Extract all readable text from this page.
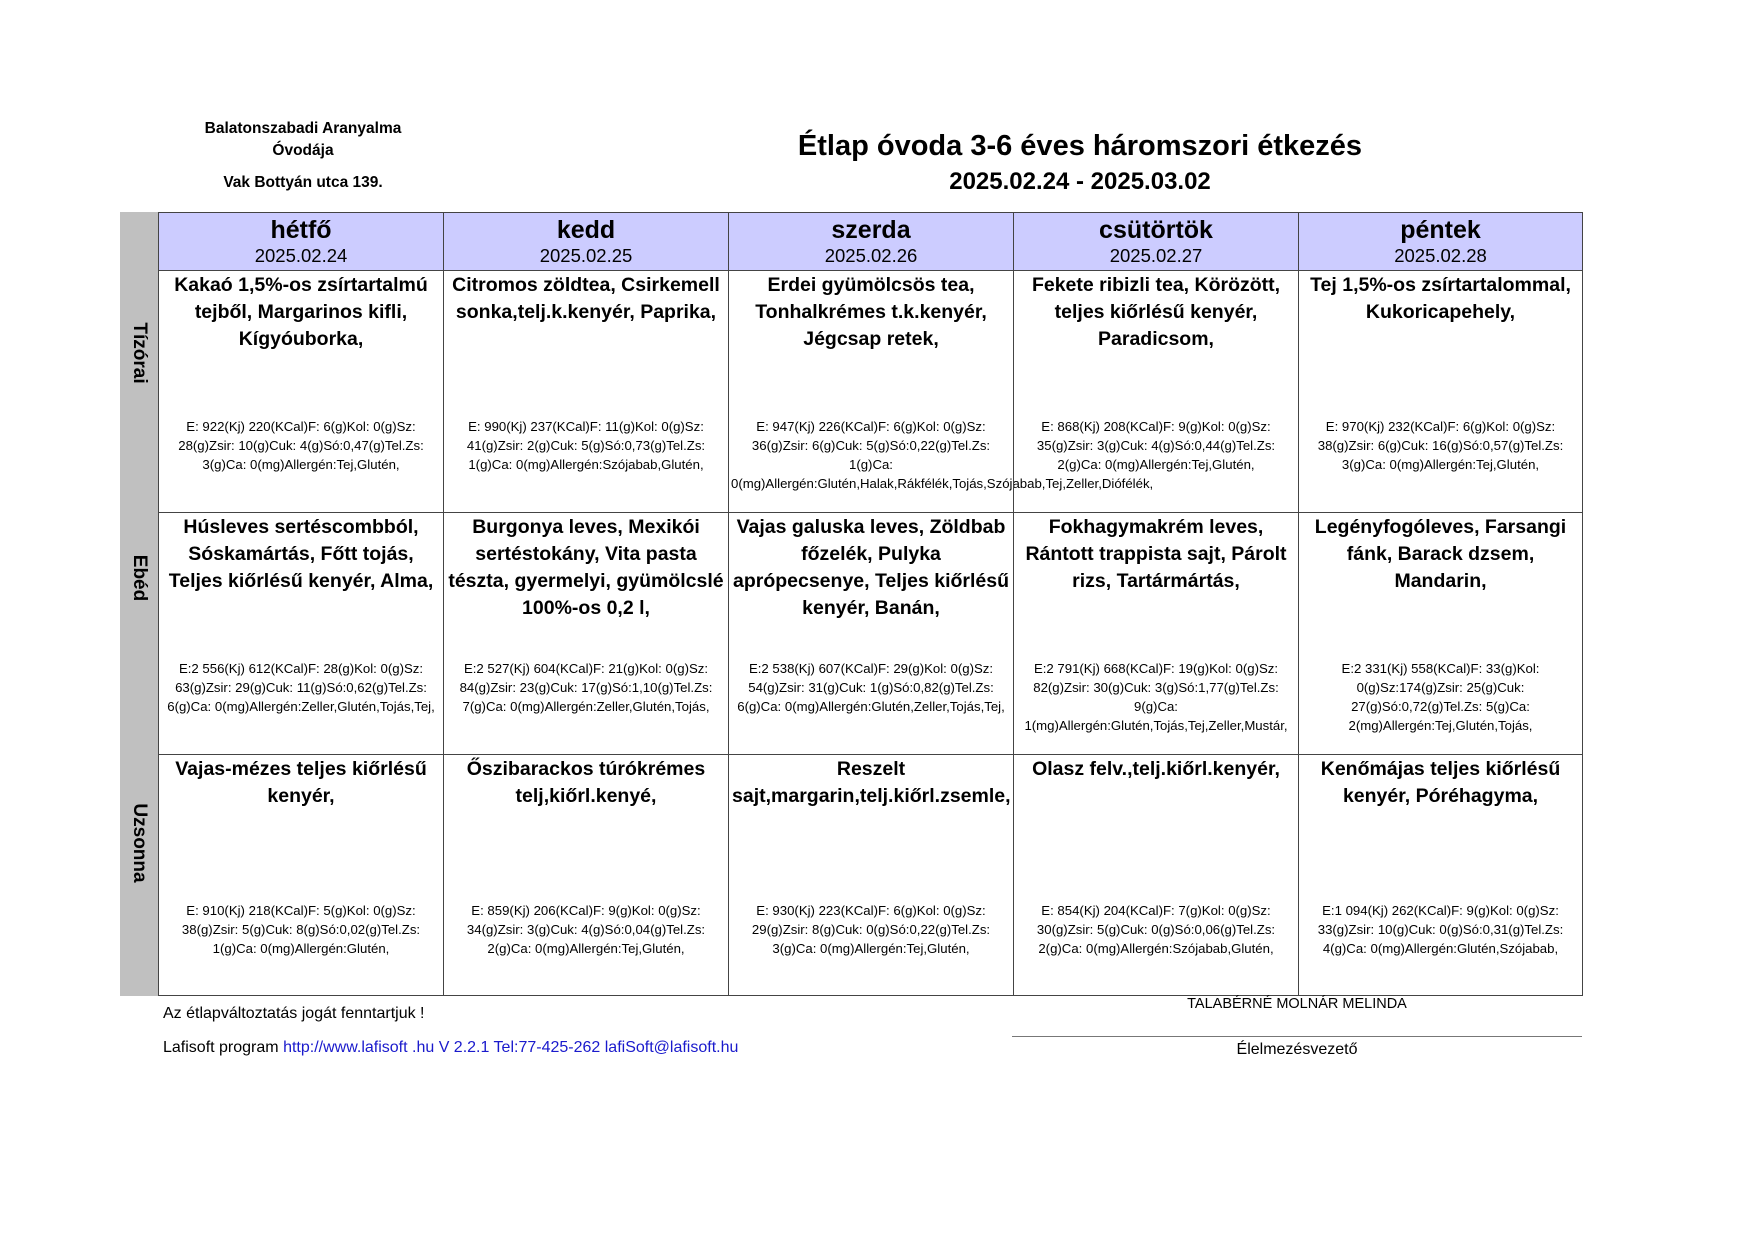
Balatonszabadi Aranyalma
Óvodája
Vak Bottyán utca 139.
Étlap óvoda 3-6 éves háromszori étkezés
2025.02.24 - 2025.03.02
hétfő
2025.02.24
kedd
2025.02.25
szerda
2025.02.26
csütörtök
2025.02.27
péntek
2025.02.28
Tízórai
Kakaó 1,5%-os zsírtartalmú tejből, Margarinos kifli, Kígyóuborka,
E: 922(Kj) 220(KCal)F: 6(g)Kol: 0(g)Sz: 28(g)Zsir: 10(g)Cuk: 4(g)Só:0,47(g)Tel.Zs: 3(g)Ca: 0(mg)Allergén:Tej,Glutén,
Citromos zöldtea, Csirkemell sonka,telj.k.kenyér, Paprika,
E: 990(Kj) 237(KCal)F: 11(g)Kol: 0(g)Sz: 41(g)Zsir: 2(g)Cuk: 5(g)Só:0,73(g)Tel.Zs: 1(g)Ca: 0(mg)Allergén:Szójabab,Glutén,
Erdei gyümölcsös tea, Tonhalkrémes t.k.kenyér, Jégcsap retek,
E: 947(Kj) 226(KCal)F: 6(g)Kol: 0(g)Sz: 36(g)Zsir: 6(g)Cuk: 5(g)Só:0,22(g)Tel.Zs: 1(g)Ca: 0(mg)Allergén:Glutén,Halak,Rákfélék,Tojás,Szójabab,Tej,Zeller,Diófélék,
Fekete ribizli tea, Körözött, teljes kiőrlésű kenyér, Paradicsom,
E: 868(Kj) 208(KCal)F: 9(g)Kol: 0(g)Sz: 35(g)Zsir: 3(g)Cuk: 4(g)Só:0,44(g)Tel.Zs: 2(g)Ca: 0(mg)Allergén:Tej,Glutén,
Tej 1,5%-os zsírtartalommal, Kukoricapehely,
E: 970(Kj) 232(KCal)F: 6(g)Kol: 0(g)Sz: 38(g)Zsir: 6(g)Cuk: 16(g)Só:0,57(g)Tel.Zs: 3(g)Ca: 0(mg)Allergén:Tej,Glutén,
Ebéd
Húsleves sertéscombból, Sóskamártás, Főtt tojás, Teljes kiőrlésű kenyér, Alma,
E:2 556(Kj) 612(KCal)F: 28(g)Kol: 0(g)Sz: 63(g)Zsir: 29(g)Cuk: 11(g)Só:0,62(g)Tel.Zs: 6(g)Ca: 0(mg)Allergén:Zeller,Glutén,Tojás,Tej,
Burgonya leves, Mexikói sertéstokány, Vita pasta tészta, gyermelyi, gyümölcslé 100%-os 0,2 l,
E:2 527(Kj) 604(KCal)F: 21(g)Kol: 0(g)Sz: 84(g)Zsir: 23(g)Cuk: 17(g)Só:1,10(g)Tel.Zs: 7(g)Ca: 0(mg)Allergén:Zeller,Glutén,Tojás,
Vajas galuska leves, Zöldbab főzelék, Pulyka aprópecsenye, Teljes kiőrlésű kenyér, Banán,
E:2 538(Kj) 607(KCal)F: 29(g)Kol: 0(g)Sz: 54(g)Zsir: 31(g)Cuk: 1(g)Só:0,82(g)Tel.Zs: 6(g)Ca: 0(mg)Allergén:Glutén,Zeller,Tojás,Tej,
Fokhagymakrém leves, Rántott trappista sajt, Párolt rizs, Tartármártás,
E:2 791(Kj) 668(KCal)F: 19(g)Kol: 0(g)Sz: 82(g)Zsir: 30(g)Cuk: 3(g)Só:1,77(g)Tel.Zs: 9(g)Ca: 1(mg)Allergén:Glutén,Tojás,Tej,Zeller,Mustár,
Legényfogóleves, Farsangi fánk, Barack dzsem, Mandarin,
E:2 331(Kj) 558(KCal)F: 33(g)Kol: 0(g)Sz:174(g)Zsir: 25(g)Cuk: 27(g)Só:0,72(g)Tel.Zs: 5(g)Ca: 2(mg)Allergén:Tej,Glutén,Tojás,
Uzsonna
Vajas-mézes teljes kiőrlésű kenyér,
E: 910(Kj) 218(KCal)F: 5(g)Kol: 0(g)Sz: 38(g)Zsir: 5(g)Cuk: 8(g)Só:0,02(g)Tel.Zs: 1(g)Ca: 0(mg)Allergén:Glutén,
Őszibarackos túrókrémes telj,kiőrl.kenyé,
E: 859(Kj) 206(KCal)F: 9(g)Kol: 0(g)Sz: 34(g)Zsir: 3(g)Cuk: 4(g)Só:0,04(g)Tel.Zs: 2(g)Ca: 0(mg)Allergén:Tej,Glutén,
Reszelt sajt,margarin,telj.kiőrl.zsemle,
E: 930(Kj) 223(KCal)F: 6(g)Kol: 0(g)Sz: 29(g)Zsir: 8(g)Cuk: 0(g)Só:0,22(g)Tel.Zs: 3(g)Ca: 0(mg)Allergén:Tej,Glutén,
Olasz felv.,telj.kiőrl.kenyér,
E: 854(Kj) 204(KCal)F: 7(g)Kol: 0(g)Sz: 30(g)Zsir: 5(g)Cuk: 0(g)Só:0,06(g)Tel.Zs: 2(g)Ca: 0(mg)Allergén:Szójabab,Glutén,
Kenőmájas teljes kiőrlésű kenyér, Póréhagyma,
E:1 094(Kj) 262(KCal)F: 9(g)Kol: 0(g)Sz: 33(g)Zsir: 10(g)Cuk: 0(g)Só:0,31(g)Tel.Zs: 4(g)Ca: 0(mg)Allergén:Glutén,Szójabab,
Az étlapváltoztatás jogát fenntartjuk !
Lafisoft program http://www.lafisoft .hu V 2.2.1 Tel:77-425-262 lafiSoft@lafisoft.hu
TALABÉRNÉ MOLNÁR MELINDA
Élelmezésvezető
